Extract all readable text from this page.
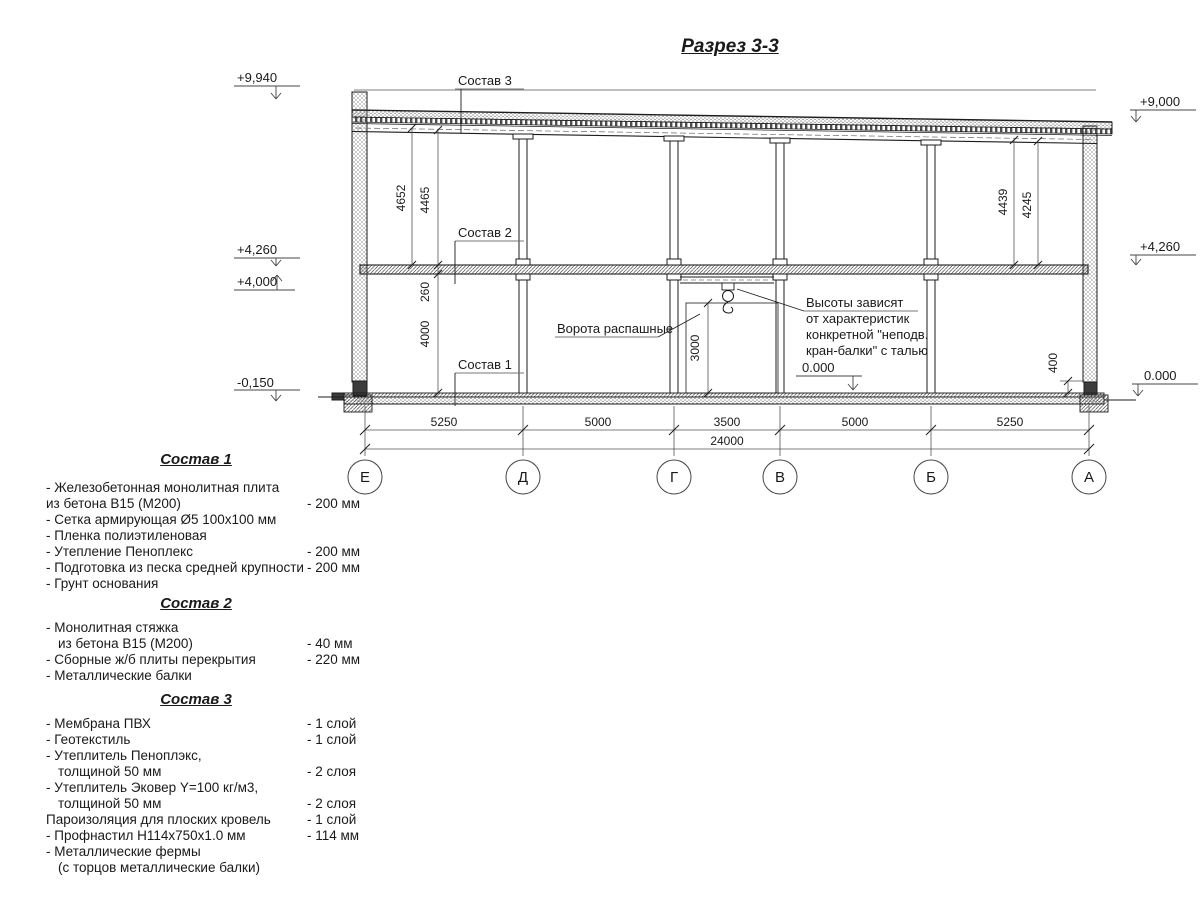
Разрез 3-3
4652 4465
260
4000
3000
4439 4245
400
+9,940
+4,260
+4,000
-0,150
+9,000
+4,260
0.000
0.000
Состав 3
Состав 2
Состав 1
Ворота распашные
Высоты зависят
от характеристик
конкретной "неподв.
кран-балки" с талью
5250	5000	3500	5000	5250
24000
Е	Д	Г	В	Б	А
Состав 1
- Железобетонная монолитная плита
из бетона В15 (М200)	- 200 мм
- Сетка армирующая Ø5 100х100 мм
- Пленка полиэтиленовая
- Утепление Пеноплекс	- 200 мм
- Подготовка из песка средней крупности - 200 мм
- Грунт основания
Состав 2
- Монолитная стяжка
из бетона В15 (М200)	- 40 мм
- Сборные ж/б плиты перекрытия	- 220 мм
- Металлические балки
Состав 3
- Мембрана ПВХ	- 1 слой
- Геотекстиль	- 1 слой
- Утеплитель Пеноплэкс,
толщиной 50 мм	- 2 слоя
- Утеплитель Эковер Y=100 кг/м3,
толщиной 50 мм	- 2 слоя
Пароизоляция для плоских кровель	- 1 слой
- Профнастил Н114х750х1.0 мм	- 114 мм
- Металлические фермы
(с торцов металлические балки)
